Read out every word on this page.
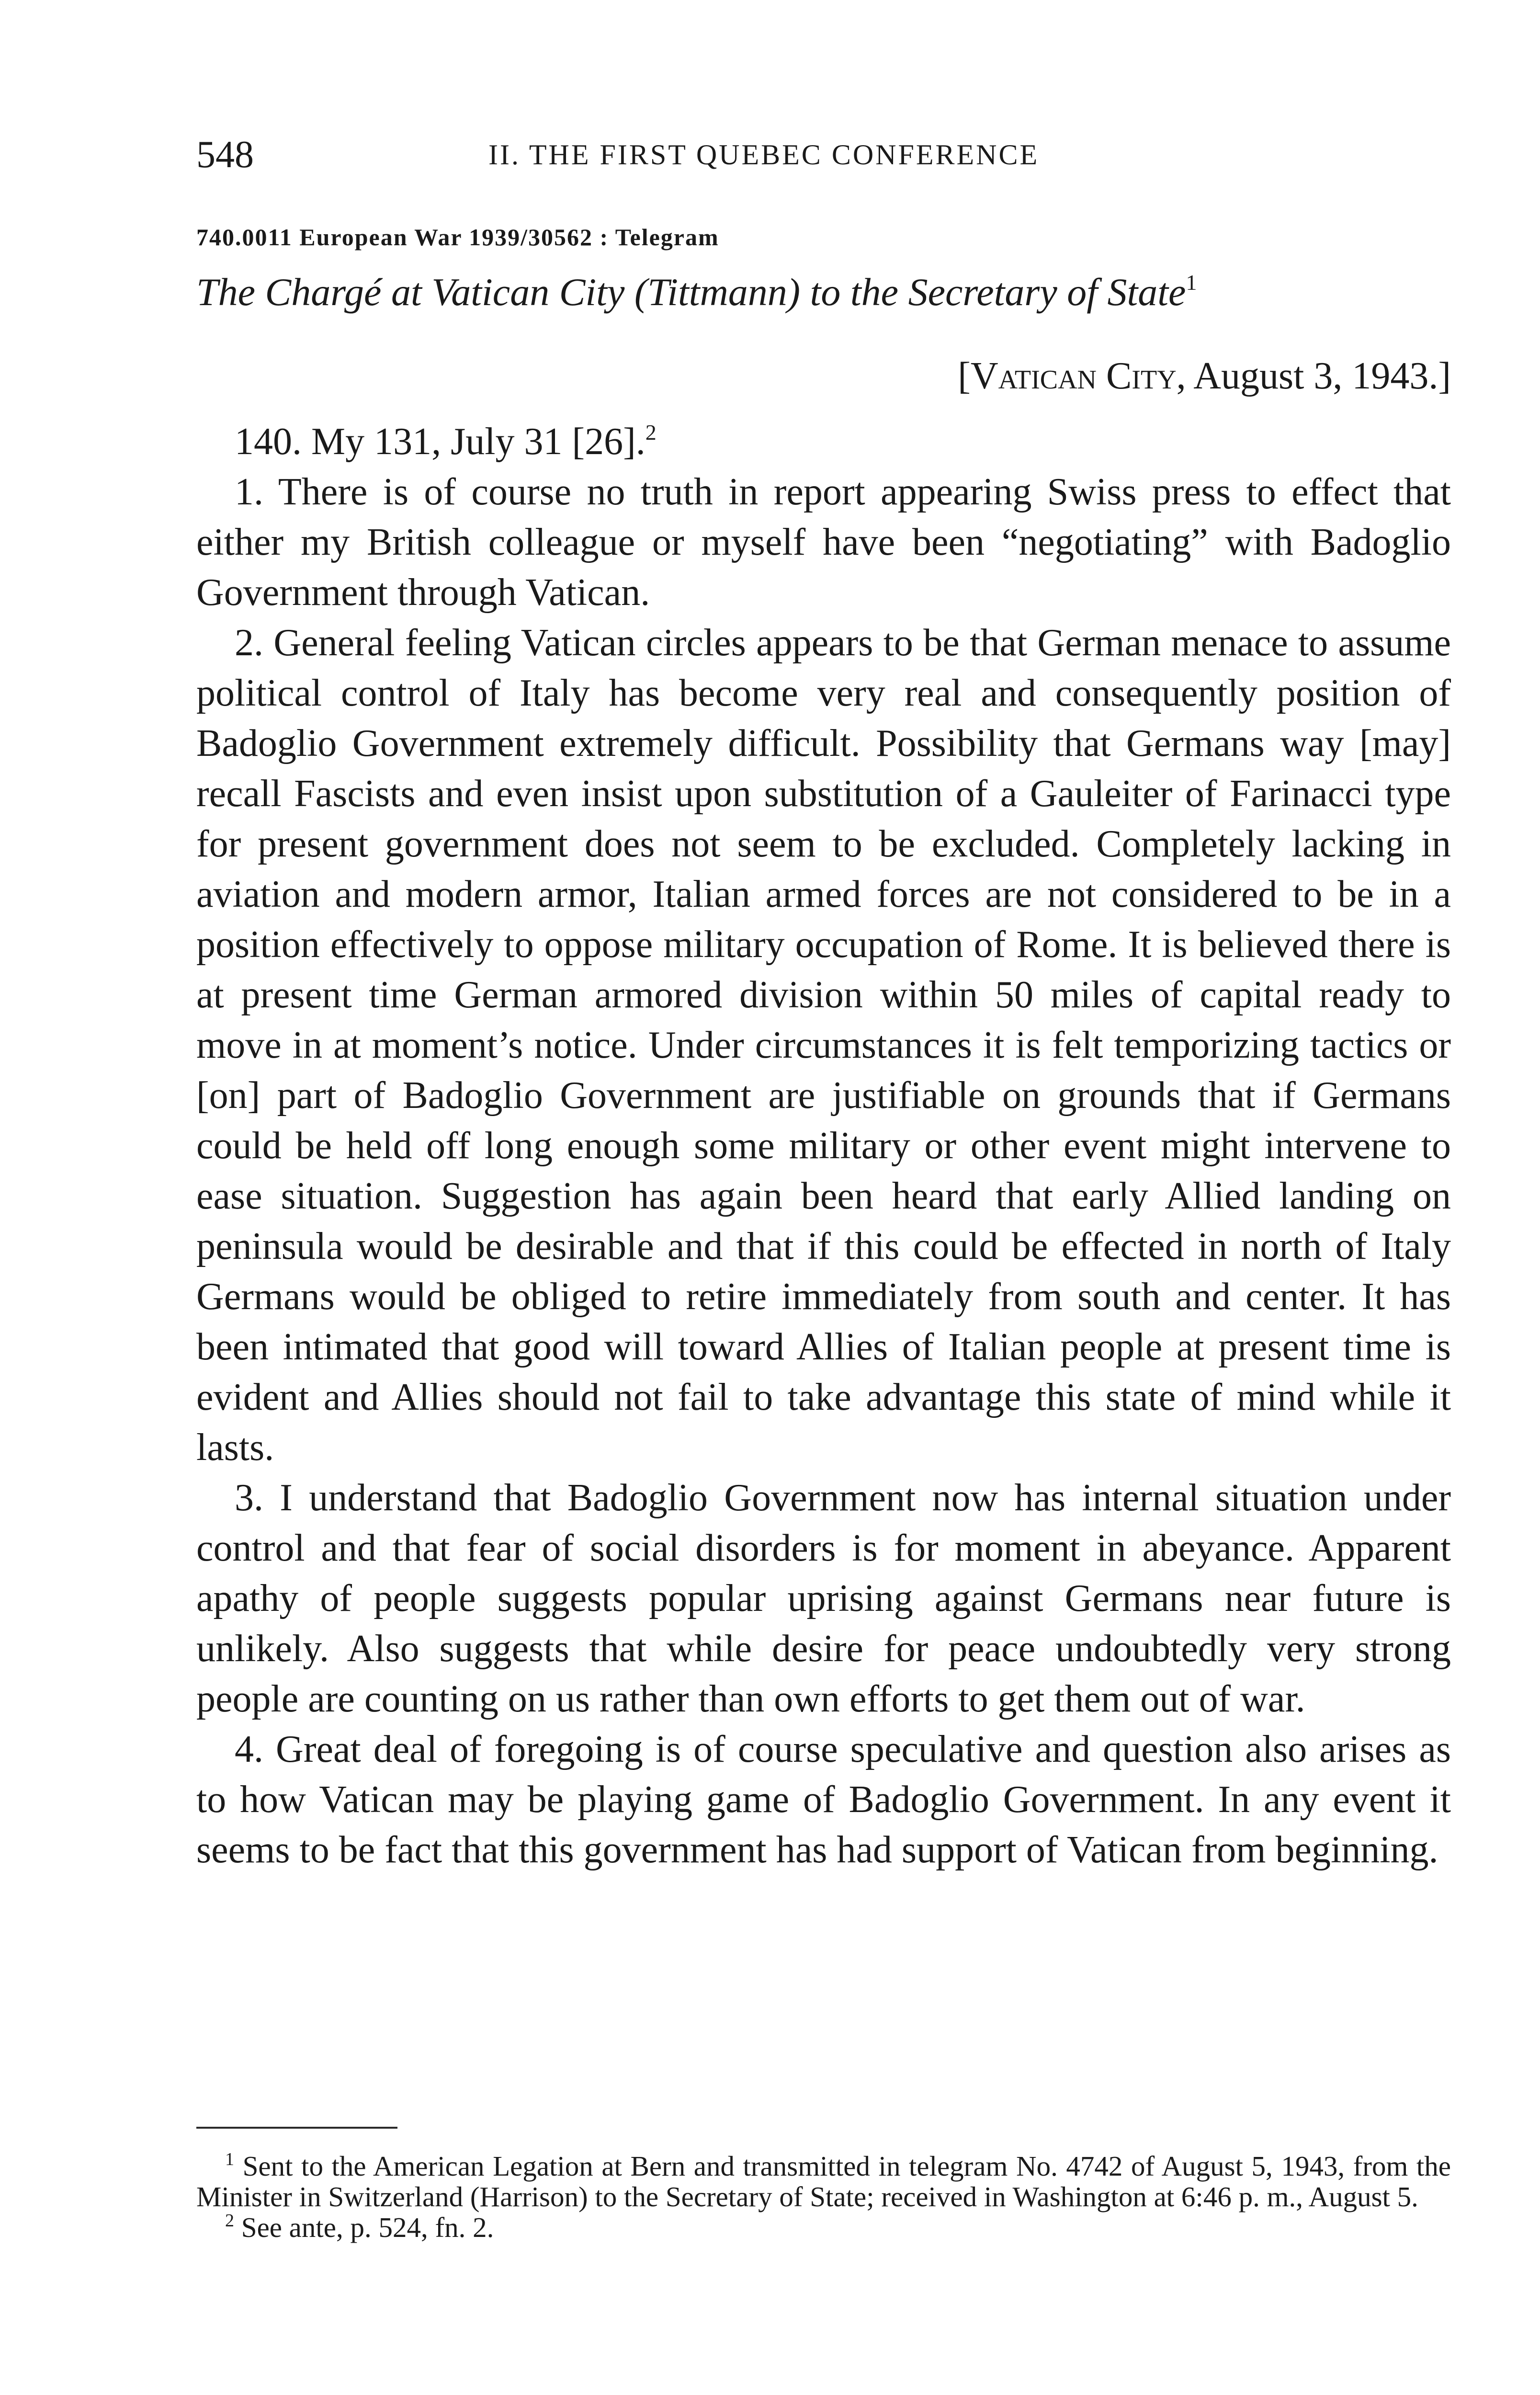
548	II. THE FIRST QUEBEC CONFERENCE
740.0011 European War 1939/30562 : Telegram
The Chargé at Vatican City (Tittmann) to the Secretary of State$^1$
[Vatican City, August 3, 1943.]

140. My 131, July 31 [26].$^2$

1. There is of course no truth in report appearing Swiss press to effect that either my British colleague or myself have been “negotiating” with Badoglio Government through Vatican.

2. General feeling Vatican circles appears to be that German menace to assume political control of Italy has become very real and consequently position of Badoglio Government extremely difficult. Possibility that Germans way [may] recall Fascists and even insist upon substitution of a Gauleiter of Farinacci type for present government does not seem to be excluded. Completely lacking in aviation and modern armor, Italian armed forces are not considered to be in a position effectively to oppose military occupation of Rome. It is believed there is at present time German armored division within 50 miles of capital ready to move in at moment’s notice. Under circumstances it is felt temporizing tactics or [on] part of Badoglio Government are justifiable on grounds that if Germans could be held off long enough some military or other event might intervene to ease situation. Suggestion has again been heard that early Allied landing on peninsula would be desirable and that if this could be effected in north of Italy Germans would be obliged to retire immediately from south and center. It has been intimated that good will toward Allies of Italian people at present time is evident and Allies should not fail to take advantage this state of mind while it lasts.

3. I understand that Badoglio Government now has internal situation under control and that fear of social disorders is for moment in abeyance. Apparent apathy of people suggests popular uprising against Germans near future is unlikely. Also suggests that while desire for peace undoubtedly very strong people are counting on us rather than own efforts to get them out of war.

4. Great deal of foregoing is of course speculative and question also arises as to how Vatican may be playing game of Badoglio Government. In any event it seems to be fact that this government has had support of Vatican from beginning.

$^1$ Sent to the American Legation at Bern and transmitted in telegram No. 4742 of August 5, 1943, from the Minister in Switzerland (Harrison) to the Secretary of State; received in Washington at 6:46 p. m., August 5.

$^2$ See ante, p. 524, fn. 2.
